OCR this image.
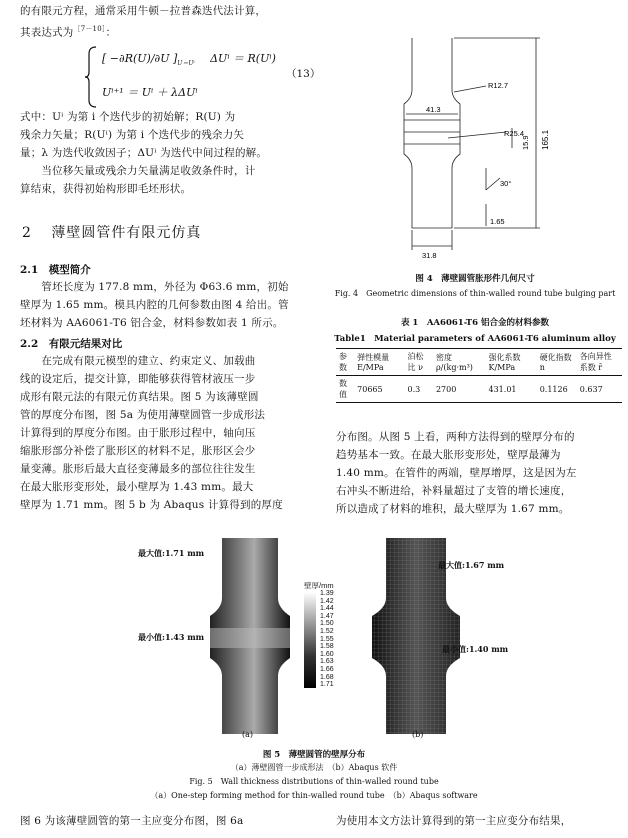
的有限元方程，通常采用牛顿－拉普森迭代法计算，
其表达式为$^{[7-10]}$：
[ −∂R(U)/∂U ]$_{U=U^i}$ ΔUⁱ ＝ R(Uⁱ)
Uⁱ⁺¹ ＝ Uⁱ ＋ λΔUⁱ
（13）
式中：Uⁱ 为第 i 个迭代步的初始解；R(U) 为
残余力矢量；R(Uⁱ) 为第 i 个迭代步的残余力矢
量；λ 为迭代收敛因子；ΔUⁱ 为迭代中间过程的解。
　　当位移矢量或残余力矢量满足收敛条件时，计
算结束，获得初始构形即毛坯形状。
2 薄壁圆管件有限元仿真
2.1　模型简介
　　管坯长度为 177.8 mm，外径为 Φ63.6 mm，初始
壁厚为 1.65 mm。模具内腔的几何参数由图 4 给出。管
坯材料为 AA6061-T6 铝合金，材料参数如表 1 所示。
2.2　有限元结果对比
　　在完成有限元模型的建立、约束定义、加载曲
线的设定后，提交计算，即能够获得管材液压一步
成形有限元法的有限元仿真结果。图 5 为该薄壁圆
管的厚度分布图，图 5a 为使用薄壁圆管一步成形法
计算得到的厚度分布图。由于胀形过程中，轴向压
缩胀形部分补偿了胀形区的材料不足，胀形区会少
量变薄。胀形后最大直径变薄最多的部位往往发生
在最大胀形变形处，最小壁厚为 1.43 mm。最大
壁厚为 1.71 mm。图 5 b 为 Abaqus 计算得到的厚度
R12.7
41.3
R25.4
15.9 165.1
30°
1.65
31.8
图 4　薄壁圆管胀形件几何尺寸
Fig. 4　Geometric dimensions of thin-walled round tube bulging part
表 1　AA6061-T6 铝合金的材料参数
Table1　Material parameters of AA6061-T6 aluminum alloy
参数	弹性模量 E/MPa	泊松比 ν	密度 ρ/(kg·m³)	强化系数 K/MPa	硬化指数 n	各向异性系数 r̄
数值	70665	0.3	2700	431.01	0.1126	0.637
分布图。从图 5 上看，两种方法得到的壁厚分布的
趋势基本一致。在最大胀形变形处，壁厚最薄为
1.40 mm。在管件的两端，壁厚增厚，这是因为左
右冲头不断进给，补料量超过了支管的增长速度，
所以造成了材料的堆积，最大壁厚为 1.67 mm。
壁厚/mm
1.39
1.42
1.44
1.47
1.50
1.52
1.55
1.58
1.60
1.63
1.66
1.68
1.71
最大值:1.71 mm
最小值:1.43 mm
最大值:1.67 mm
最小值:1.40 mm
(a)	(b)
图 5　薄壁圆管的壁厚分布
（a）薄壁圆管一步成形法　（b）Abaqus 软件
Fig. 5　Wall thickness distributions of thin-walled round tube
（a）One-step forming method for thin-walled round tube　（b）Abaqus software
图 6 为该薄壁圆管的第一主应变分布图，图 6a	为使用本文方法计算得到的第一主应变分布结果，
